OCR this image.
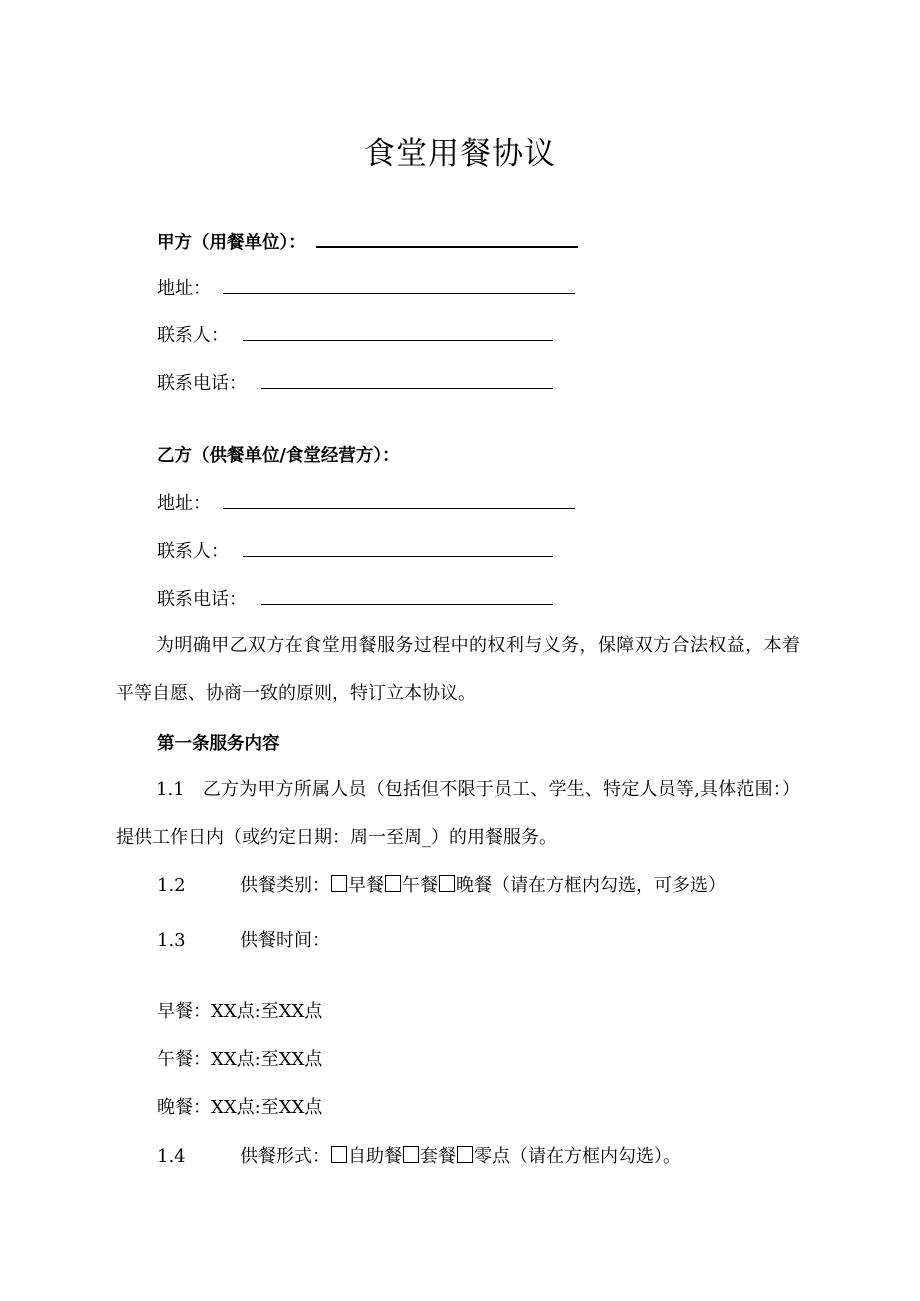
食堂用餐协议
甲方（用餐单位）：
地址：
联系人：
联系电话：
乙方（供餐单位/食堂经营方）：
地址：
联系人：
联系电话：
为明确甲乙双方在食堂用餐服务过程中的权利与义务，保障双方合法权益，本着平等自愿、协商一致的原则，特订立本协议。
第一条服务内容
1.1 乙方为甲方所属人员（包括但不限于员工、学生、特定人员等,具体范围：）提供工作日内（或约定日期：周一至周_）的用餐服务。
1.2	供餐类别： 早餐 午餐 晚餐（请在方框内勾选，可多选）
1.3	供餐时间：
早餐：XX点:至XX点
午餐：XX点:至XX点
晚餐：XX点:至XX点
1.4	供餐形式： 自助餐 套餐 零点（请在方框内勾选）。
